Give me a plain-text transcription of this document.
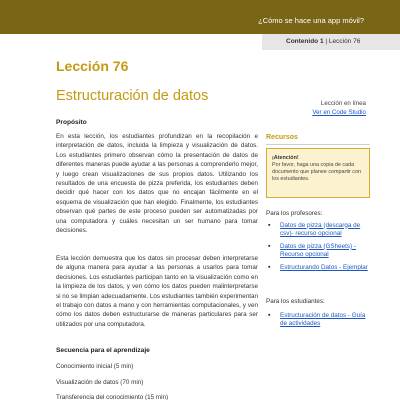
¿Cómo se hace una app móvil?
Contenido 1 | Lección 76
Lección 76
Estructuración de datos	Lección en línea
Ver en Code Studio
Propósito

En esta lección, los estudiantes profundizan en la recopilación e interpretación de datos, incluida la limpieza y visualización de datos. Los estudiantes primero observan cómo la presentación de datos de diferentes maneras puede ayudar a las personas a comprenderlo mejor, y luego crean visualizaciones de sus propios datos. Utilizando los resultados de una encuesta de pizza preferida, los estudiantes deben decidir qué hacer con los datos que no encajan fácilmente en el esquema de visualización que han elegido. Finalmente, los estudiantes observan qué partes de este proceso pueden ser automatizadas por una computadora y cuáles necesitan un ser humano para tomar decisiones.

Esta lección demuestra que los datos sin procesar deben interpretarse de alguna manera para ayudar a las personas a usarlos para tomar decisiones. Los estudiantes participan tanto en la visualización como en la limpieza de los datos, y ven cómo los datos pueden malinterpretarse si no se limpian adecuadamente. Los estudiantes también experimentan el trabajo con datos a mano y con herramientas computacionales, y ven cómo los datos deben estructurarse de maneras particulares para ser utilizados por una computadora.

Secuencia para el aprendizaje
Conocimiento inicial (5 min)
Visualización de datos (70 min)
Transferencia del conocimiento (15 min)
Recursos
¡Atención!
Por favor, haga una copia de cada documento que planee compartir con los estudiantes.
Para los profesores:
▪ Datos de pizza (descarga de csv)- recurso opcional
▪ Datos de pizza (GSheets) - Recurso opcional
▪ Estructurando Datos - Ejemplar
Para los estudiantes:
▪ Estructuración de datos - Guía de actividades
